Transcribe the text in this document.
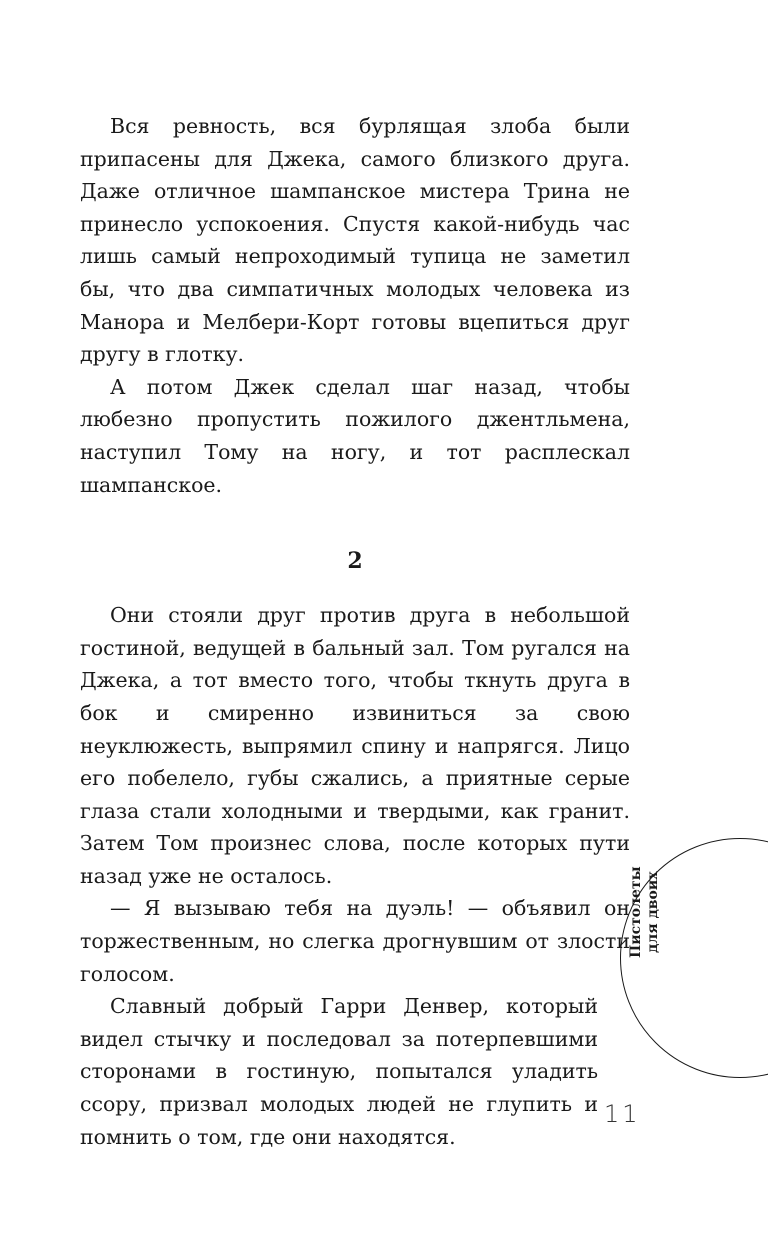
Вся ревность, вся бурлящая злоба были припасены для Джека, самого близкого друга. Даже отличное шампанское мистера Трина не принесло успокоения. Спустя какой-нибудь час лишь самый непроходимый тупица не заметил бы, что два симпатичных молодых человека из Манора и Мелбери-Корт готовы вцепиться друг другу в глотку.

А потом Джек сделал шаг назад, чтобы любезно пропустить пожилого джентльмена, наступил Тому на ногу, и тот расплескал шампанское.

2

Они стояли друг против друга в небольшой гостиной, ведущей в бальный зал. Том ругался на Джека, а тот вместо того, чтобы ткнуть друга в бок и смиренно извиниться за свою неуклюжесть, выпрямил спину и напрягся. Лицо его побелело, губы сжались, а приятные серые глаза стали холодными и твердыми, как гранит. Затем Том произнес слова, после которых пути назад уже не осталось.

— Я вызываю тебя на дуэль! — объявил он торжественным, но слегка дрогнувшим от злости голосом.

Славный добрый Гарри Денвер, который видел стычку и последовал за потерпевшими сторонами в гостиную, попытался уладить ссору, призвал молодых людей не глупить и помнить о том, где они находятся.

Пистолеты для двоих
11
